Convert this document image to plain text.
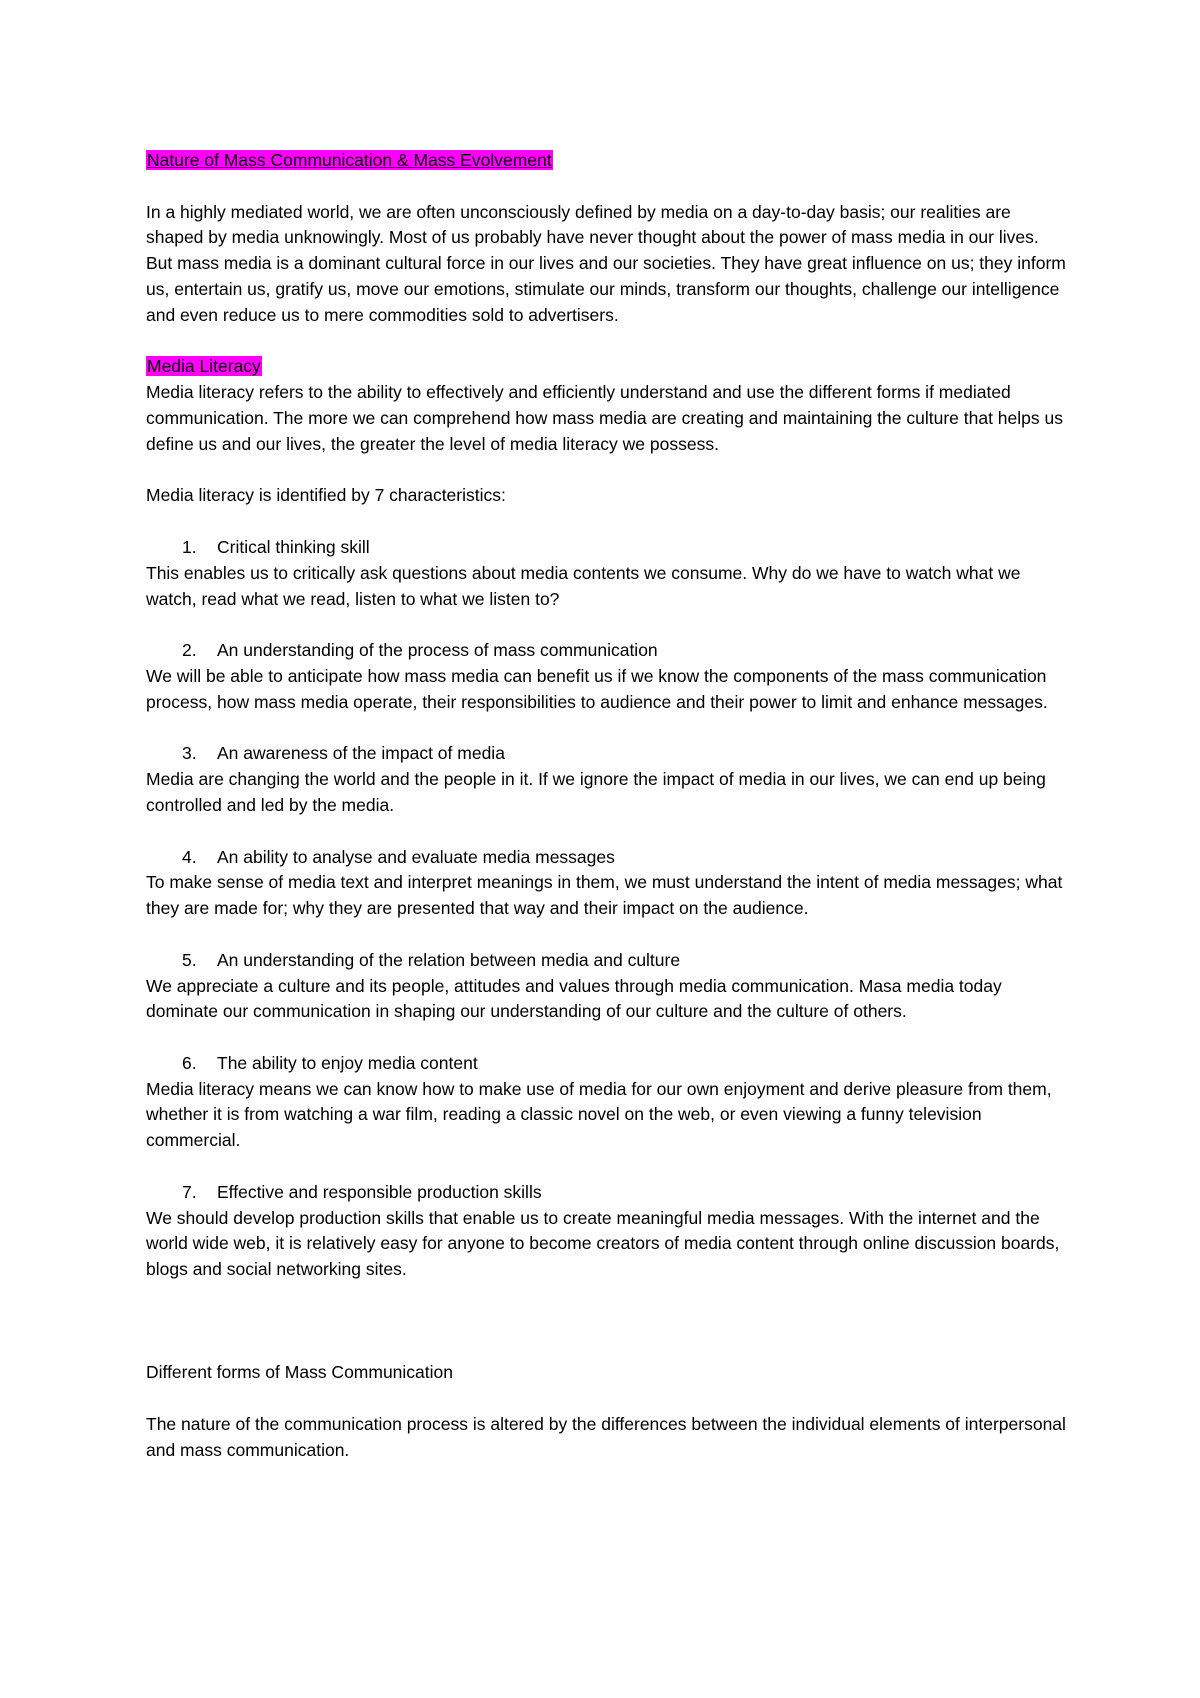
Nature of Mass Communication & Mass Evolvement

In a highly mediated world, we are often unconsciously defined by media on a day-to-day basis; our realities are shaped by media unknowingly. Most of us probably have never thought about the power of mass media in our lives. But mass media is a dominant cultural force in our lives and our societies. They have great influence on us; they inform us, entertain us, gratify us, move our emotions, stimulate our minds, transform our thoughts, challenge our intelligence and even reduce us to mere commodities sold to advertisers.

Media Literacy

Media literacy refers to the ability to effectively and efficiently understand and use the different forms if mediated communication. The more we can comprehend how mass media are creating and maintaining the culture that helps us define us and our lives, the greater the level of media literacy we possess.

Media literacy is identified by 7 characteristics:

1.	Critical thinking skill

This enables us to critically ask questions about media contents we consume. Why do we have to watch what we watch, read what we read, listen to what we listen to?

2.	An understanding of the process of mass communication

We will be able to anticipate how mass media can benefit us if we know the components of the mass communication process, how mass media operate, their responsibilities to audience and their power to limit and enhance messages.

3.	An awareness of the impact of media

Media are changing the world and the people in it. If we ignore the impact of media in our lives, we can end up being controlled and led by the media.

4.	An ability to analyse and evaluate media messages

To make sense of media text and interpret meanings in them, we must understand the intent of media messages; what they are made for; why they are presented that way and their impact on the audience.

5.	An understanding of the relation between media and culture

We appreciate a culture and its people, attitudes and values through media communication. Masa media today dominate our communication in shaping our understanding of our culture and the culture of others.

6.	The ability to enjoy media content

Media literacy means we can know how to make use of media for our own enjoyment and derive pleasure from them, whether it is from watching a war film, reading a classic novel on the web, or even viewing a funny television commercial.

7.	Effective and responsible production skills

We should develop production skills that enable us to create meaningful media messages. With the internet and the world wide web, it is relatively easy for anyone to become creators of media content through online discussion boards, blogs and social networking sites.

Different forms of Mass Communication

The nature of the communication process is altered by the differences between the individual elements of interpersonal and mass communication.
